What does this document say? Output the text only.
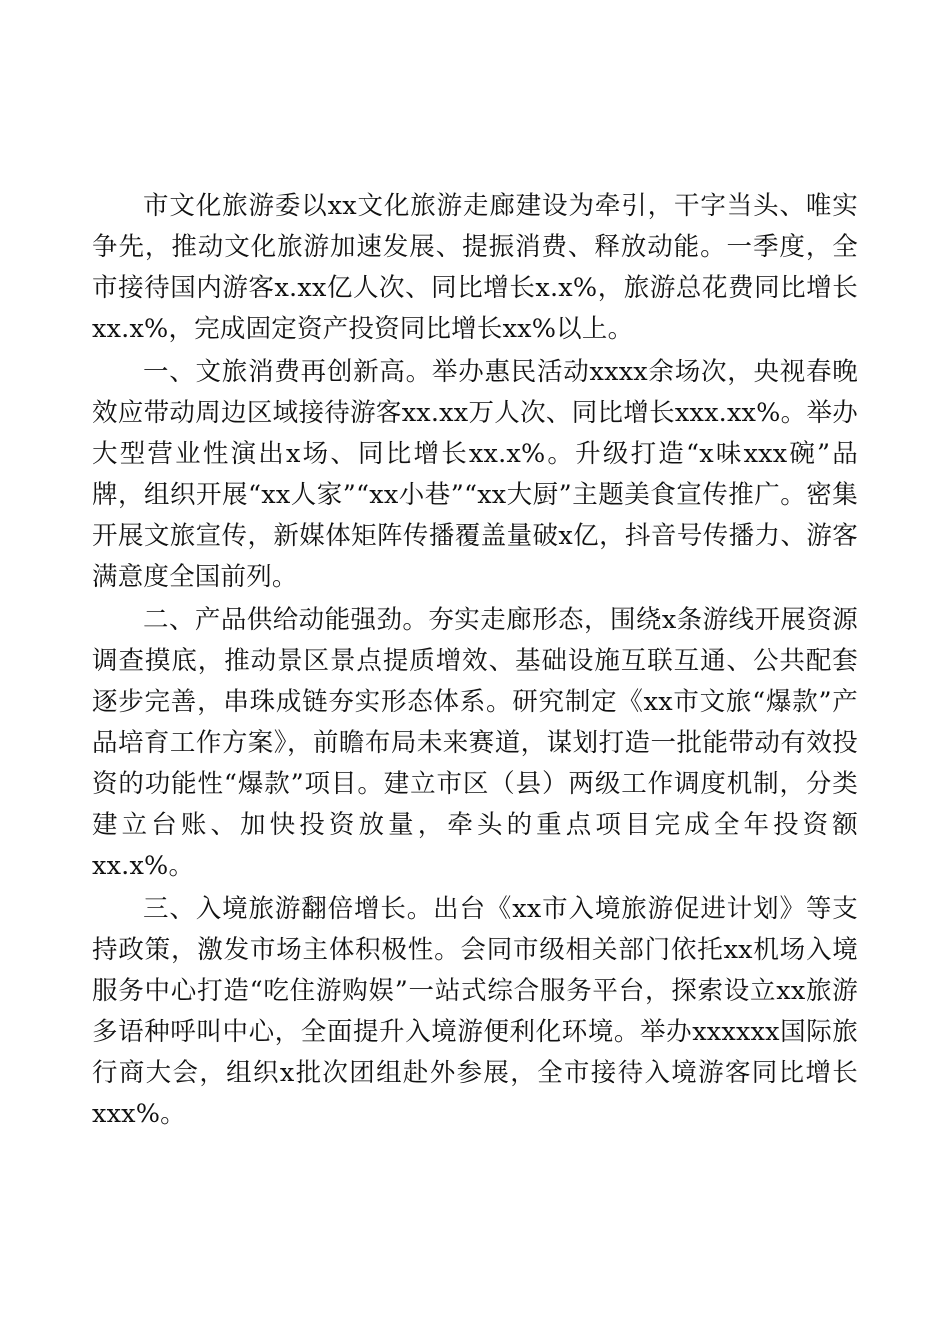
市文化旅游委以xx文化旅游走廊建设为牵引，干字当头、唯实争先，推动文化旅游加速发展、提振消费、释放动能。一季度，全市接待国内游客x.xx亿人次、同比增长x.x%，旅游总花费同比增长xx.x%，完成固定资产投资同比增长xx%以上。

一、文旅消费再创新高。举办惠民活动xxxx余场次，央视春晚效应带动周边区域接待游客xx.xx万人次、同比增长xxx.xx%。举办大型营业性演出x场、同比增长xx.x%。升级打造“x味xxx碗”品牌，组织开展“xx人家”“xx小巷”“xx大厨”主题美食宣传推广。密集开展文旅宣传，新媒体矩阵传播覆盖量破x亿，抖音号传播力、游客满意度全国前列。

二、产品供给动能强劲。夯实走廊形态，围绕x条游线开展资源调查摸底，推动景区景点提质增效、基础设施互联互通、公共配套逐步完善，串珠成链夯实形态体系。研究制定《xx市文旅“爆款”产品培育工作方案》，前瞻布局未来赛道，谋划打造一批能带动有效投资的功能性“爆款”项目。建立市区（县）两级工作调度机制，分类建立台账、加快投资放量，牵头的重点项目完成全年投资额xx.x%。

三、入境旅游翻倍增长。出台《xx市入境旅游促进计划》等支持政策，激发市场主体积极性。会同市级相关部门依托xx机场入境服务中心打造“吃住游购娱”一站式综合服务平台，探索设立xx旅游多语种呼叫中心，全面提升入境游便利化环境。举办xxxxxx国际旅行商大会，组织x批次团组赴外参展，全市接待入境游客同比增长xxx%。
